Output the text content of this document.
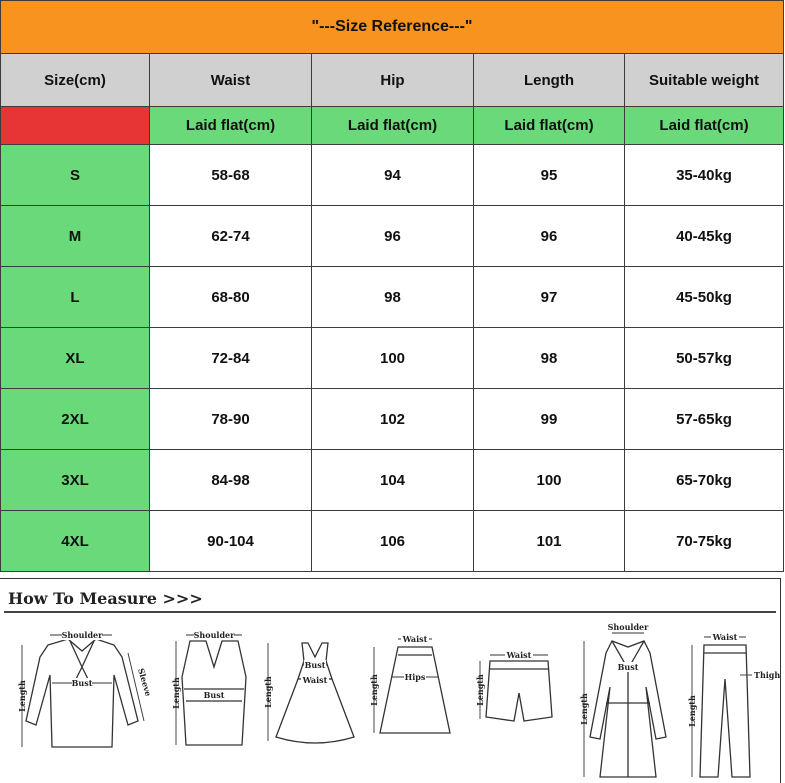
"---Size Reference---"				
Size(cm)	Waist	Hip	Length	Suitable weight
	Laid flat(cm)	Laid flat(cm)	Laid flat(cm)	Laid flat(cm)
S	58-68	94	95	35-40kg
M	62-74	96	96	40-45kg
L	68-80	98	97	45-50kg
XL	72-84	100	98	50-57kg
2XL	78-90	102	99	57-65kg
3XL	84-98	104	100	65-70kg
4XL	90-104	106	101	70-75kg
How To Measure >>>
Shoulder
Bust
Length	Sleeve
Shoulder
Bust
Length
Bust
Waist
Length
Waist
Hips
Length
Waist
Length
Shoulder
Bust
Length
Waist
Thigh
Length
